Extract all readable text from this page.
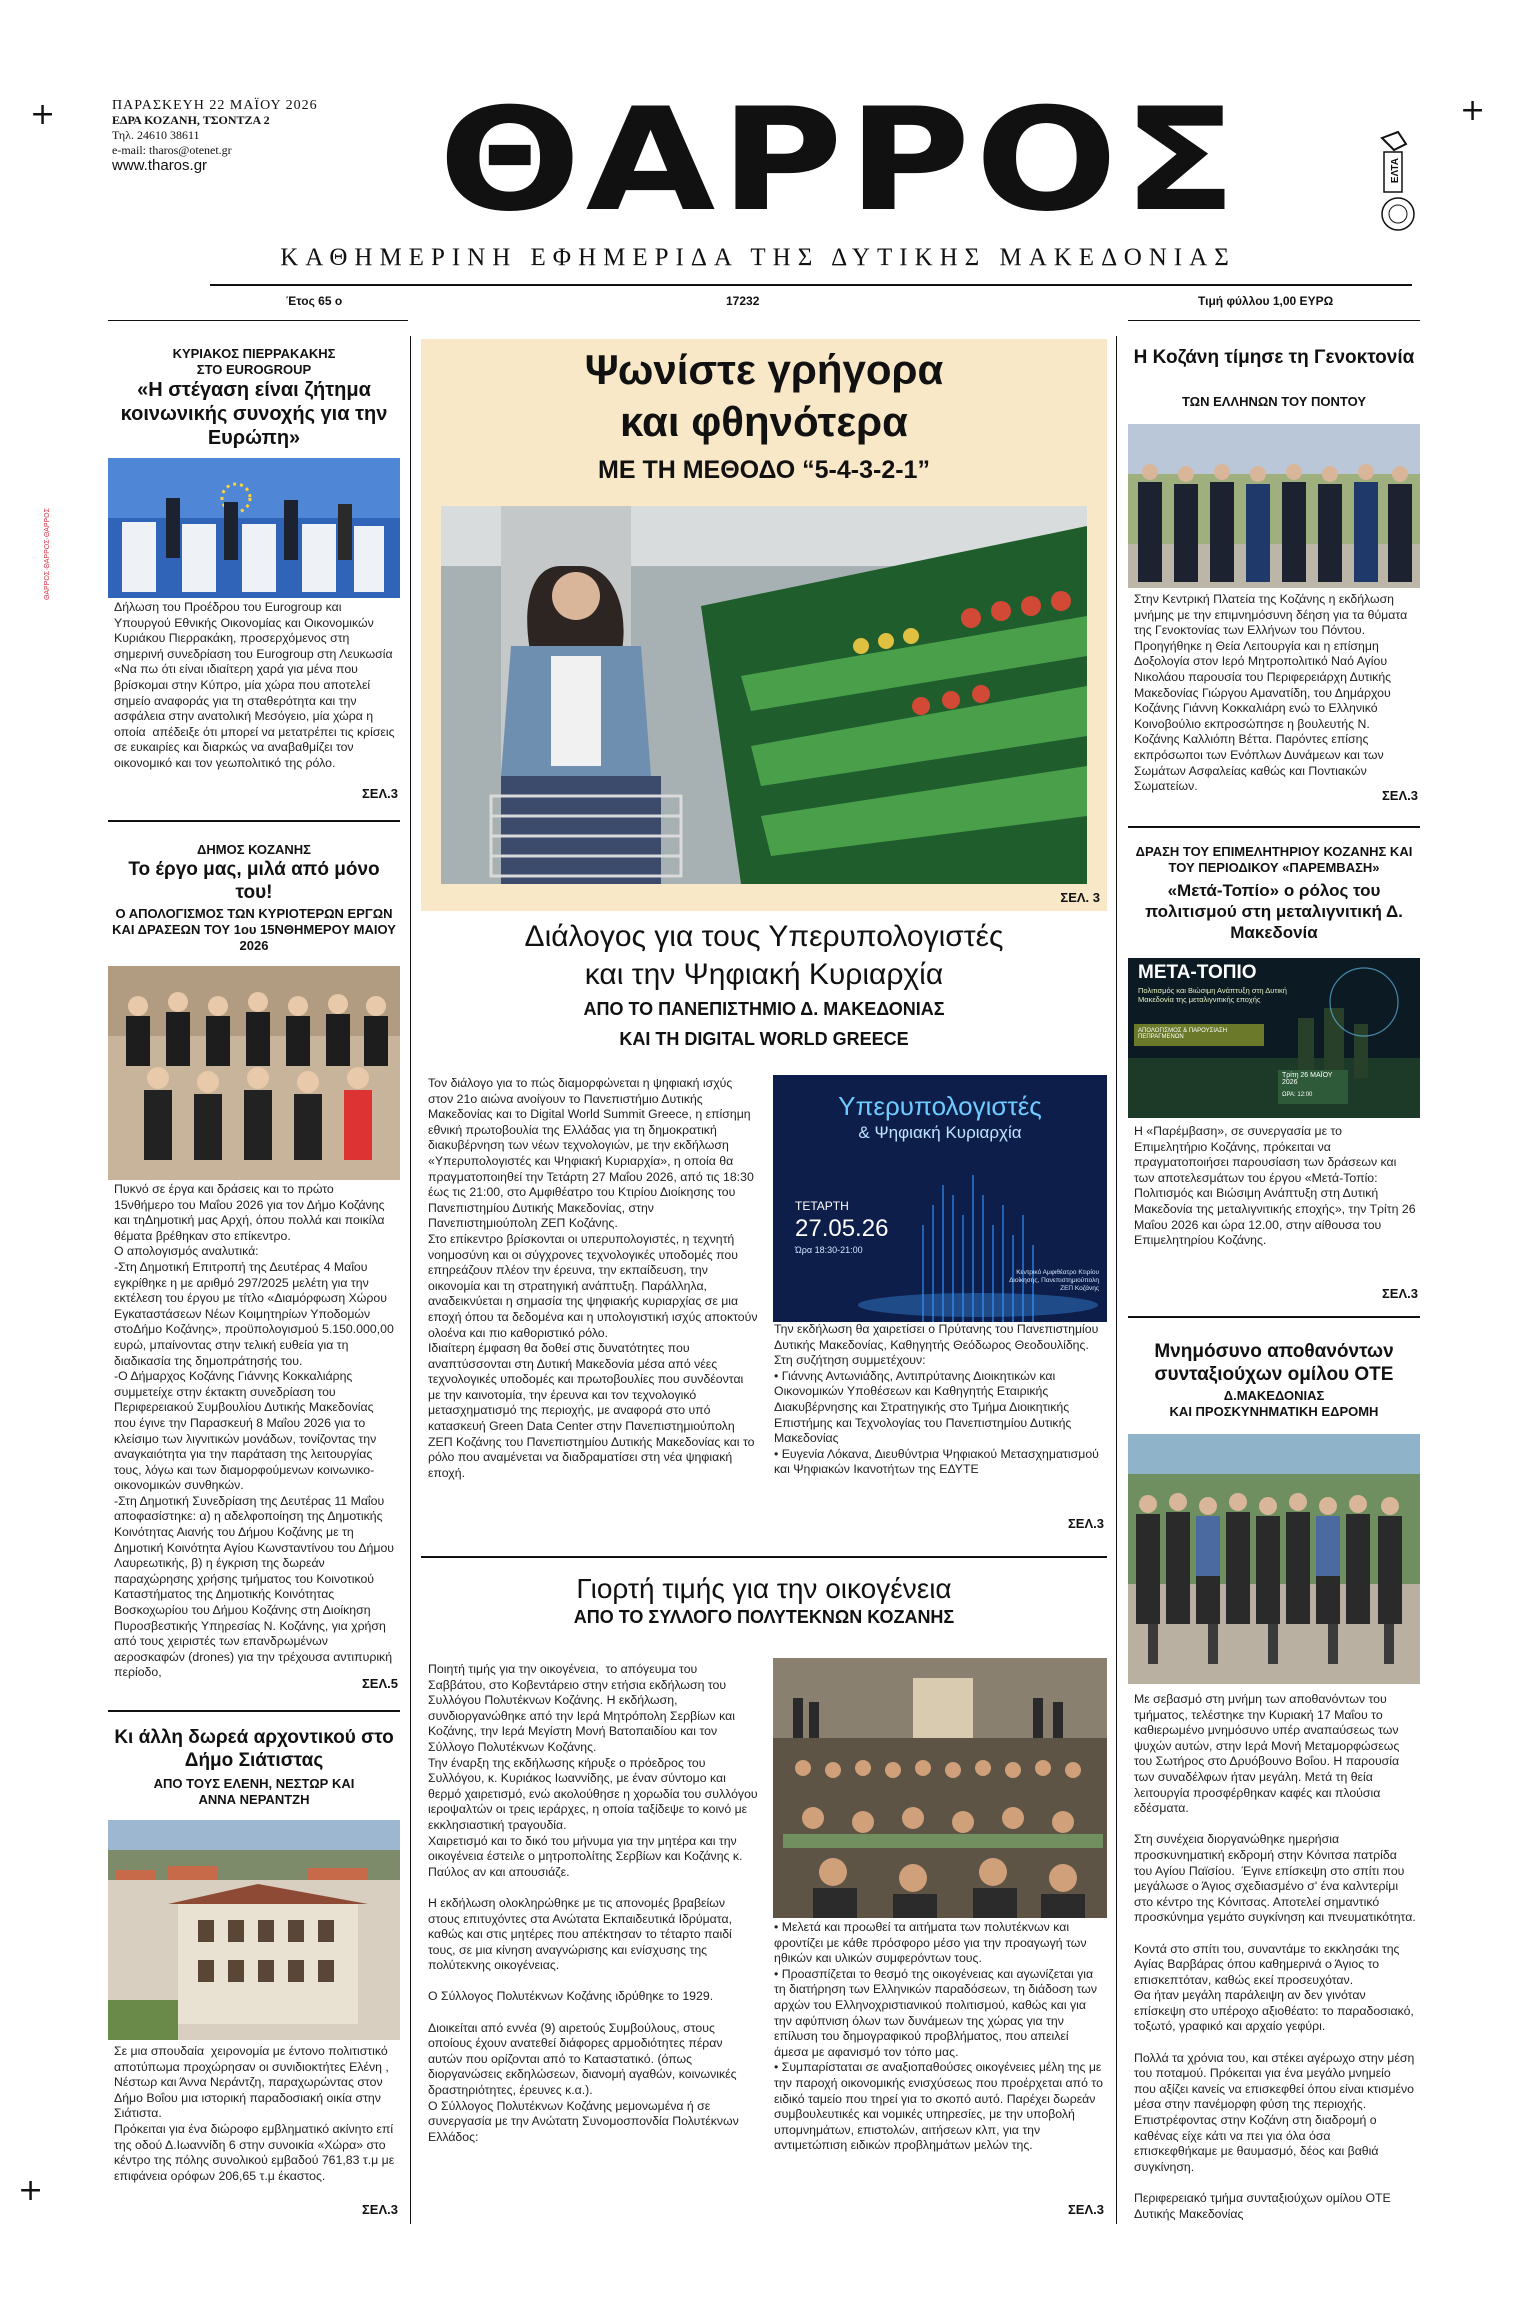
+	+
+
ΘΑΡΡΟΣ·ΘΑΡΡΟΣ·ΘΑΡΡΟΣ
ΠΑΡΑΣΚΕΥΗ 22 ΜΑΪΟΥ 2026
ΕΔΡΑ ΚΟΖΑΝΗ, ΤΣΟΝΤΖΑ 2
Τηλ. 24610 38611
e-mail: tharos@otenet.gr
www.tharos.gr	ΘΑΡΡΟΣ
ΚΑΘΗΜΕΡΙΝΗ ΕΦΗΜΕΡΙΔΑ ΤΗΣ ΔΥΤΙΚΗΣ ΜΑΚΕΔΟΝΙΑΣ
ΕΛΤΑ
Έτος 65 ο	17232	Τιμή φύλλου 1,00 ΕΥΡΩ
ΚΥΡΙΑΚΟΣ ΠΙΕΡΡΑΚΑΚΗΣ
ΣΤΟ EUROGROUP
«Η στέγαση είναι ζήτημα κοινωνικής συνοχής για την Ευρώπη»
Δήλωση του Προέδρου του Eurogroup και Υπουργού Εθνικής Οικονομίας και Οικονομικών Κυριάκου Πιερρακάκη, προσερχόμενος στη σημερινή συνεδρίαση του Eurogroup στη Λευκωσία
«Να πω ότι είναι ιδιαίτερη χαρά για μένα που βρίσκομαι στην Κύπρο, μία χώρα που αποτελεί σημείο αναφοράς για τη σταθερότητα και την ασφάλεια στην ανατολική Μεσόγειο, μία χώρα η οποία  απέδειξε ότι μπορεί να μετατρέπει τις κρίσεις  σε ευκαιρίες και διαρκώς να αναβαθμίζει τον οικονομικό και τον γεωπολιτικό της ρόλο.
ΣΕΛ.3
ΔΗΜΟΣ ΚΟΖΑΝΗΣ
Το έργο μας, μιλά από μόνο του!
Ο ΑΠΟΛΟΓΙΣΜΟΣ ΤΩΝ ΚΥΡΙΟΤΕΡΩΝ ΕΡΓΩΝ ΚΑΙ ΔΡΑΣΕΩΝ ΤΟΥ 1ου 15ΝΘΗΜΕΡΟΥ ΜΑΙΟΥ 2026
Πυκνό σε έργα και δράσεις και το πρώτο 15νθήμερο του Μαΐου 2026 για τον Δήμο Κοζάνης και τηΔημοτική μας Αρχή, όπου πολλά και ποικίλα θέματα βρέθηκαν στο επίκεντρο.
Ο απολογισμός αναλυτικά:
-Στη Δημοτική Επιτροπή της Δευτέρας 4 Μαΐου εγκρίθηκε η με αριθμό 297/2025 μελέτη για την εκτέλεση του έργου με τίτλο «Διαμόρφωση Χώρου Εγκαταστάσεων Νέων Κοιμητηρίων Υποδομών στοΔήμο Κοζάνης», προϋπολογισμού 5.150.000,00 ευρώ, μπαίνοντας στην τελική ευθεία για τη διαδικασία της δημοπράτησής του.
-Ο Δήμαρχος Κοζάνης Γιάννης Κοκκαλιάρης συμμετείχε στην έκτακτη συνεδρίαση του Περιφερειακού Συμβουλίου Δυτικής Μακεδονίας που έγινε την Παρασκευή 8 Μαΐου 2026 για το κλείσιμο των λιγνιτικών μονάδων, τονίζοντας την αναγκαιότητα για την παράταση της λειτουργίας τους, λόγω και των διαμορφούμενων κοινωνικο-οικονομικών συνθηκών.
-Στη Δημοτική Συνεδρίαση της Δευτέρας 11 Μαΐου αποφασίστηκε: α) η αδελφοποίηση της Δημοτικής Κοινότητας Αιανής του Δήμου Κοζάνης με τη Δημοτική Κοινότητα Αγίου Κωνσταντίνου του Δήμου Λαυρεωτικής, β) η έγκριση της δωρεάν παραχώρησης χρήσης τμήματος του Κοινοτικού Καταστήματος της Δημοτικής Κοινότητας Βοσκοχωρίου του Δήμου Κοζάνης στη Διοίκηση Πυροσβεστικής Υπηρεσίας Ν. Κοζάνης, για χρήση από τους χειριστές των επανδρωμένων αεροσκαφών (drones) για την τρέχουσα αντιπυρική περίοδο,
ΣΕΛ.5
Κι άλλη δωρεά αρχοντικού στο Δήμο Σιάτιστας
ΑΠΟ ΤΟΥΣ ΕΛΕΝΗ, ΝΕΣΤΩΡ ΚΑΙ ΑΝΝΑ ΝΕΡΑΝΤΖΗ
Σε μια σπουδαία  χειρονομία με έντονο πολιτιστικό αποτύπωμα προχώρησαν οι συνιδιοκτήτες Ελένη , Νέστωρ και Άννα Νεράντζη, παραχωρώντας στον Δήμο Βοΐου μια ιστορική παραδοσιακή οικία στην Σιάτιστα.
Πρόκειται για ένα διώροφο εμβληματικό ακίνητο επί της οδού Δ.Ιωαννίδη 6 στην συνοικία «Χώρα» στο κέντρο της πόλης συνολικού εμβαδού 761,83 τ.μ με επιφάνεια ορόφων 206,65 τ.μ έκαστος.
ΣΕΛ.3
Ψωνίστε γρήγορα
και φθηνότερα
ΜΕ ΤΗ ΜΕΘΟΔΟ “5-4-3-2-1”
ΣΕΛ. 3
Διάλογος για τους Υπερυπολογιστές
και την Ψηφιακή Κυριαρχία
ΑΠΟ ΤΟ ΠΑΝΕΠΙΣΤΗΜΙΟ Δ. ΜΑΚΕΔΟΝΙΑΣ
ΚΑΙ ΤΗ DIGITAL WORLD GREECE
Τον διάλογο για το πώς διαμορφώνεται η ψηφιακή ισχύς στον 21ο αιώνα ανοίγουν το Πανεπιστήμιο Δυτικής Μακεδονίας και το Digital World Summit Greece, η επίσημη εθνική πρωτοβουλία της Ελλάδας για τη δημοκρατική διακυβέρνηση των νέων τεχνολογιών, με την εκδήλωση «Υπερυπολογιστές και Ψηφιακή Κυριαρχία», η οποία θα πραγματοποιηθεί την Τετάρτη 27 Μαΐου 2026, από τις 18:30 έως τις 21:00, στο Αμφιθέατρο του Κτιρίου Διοίκησης του Πανεπιστημίου Δυτικής Μακεδονίας, στην Πανεπιστημιούπολη ΖΕΠ Κοζάνης.
Στο επίκεντρο βρίσκονται οι υπερυπολογιστές, η τεχνητή νοημοσύνη και οι σύγχρονες τεχνολογικές υποδομές που επηρεάζουν πλέον την έρευνα, την εκπαίδευση, την οικονομία και τη στρατηγική ανάπτυξη. Παράλληλα, αναδεικνύεται η σημασία της ψηφιακής κυριαρχίας σε μια εποχή όπου τα δεδομένα και η υπολογιστική ισχύς αποκτούν ολοένα και πιο καθοριστικό ρόλο.
Ιδιαίτερη έμφαση θα δοθεί στις δυνατότητες που αναπτύσσονται στη Δυτική Μακεδονία μέσα από νέες τεχνολογικές υποδομές και πρωτοβουλίες που συνδέονται με την καινοτομία, την έρευνα και τον τεχνολογικό μετασχηματισμό της περιοχής, με αναφορά στο υπό κατασκευή Green Data Center στην Πανεπιστημιούπολη ΖΕΠ Κοζάνης του Πανεπιστημίου Δυτικής Μακεδονίας και το ρόλο που αναμένεται να διαδραματίσει στη νέα ψηφιακή εποχή.
Υπερυπολογιστές
& Ψηφιακή Κυριαρχία
ΤΕΤΑΡΤΗ
27.05.26
Ώρα 18:30-21:00
Κεντρικό Αμφιθέατρο Κτιρίου Διοίκησης, Πανεπιστημιούπολη ΖΕΠ Κοζάνης
Την εκδήλωση θα χαιρετίσει ο Πρύτανης του Πανεπιστημίου Δυτικής Μακεδονίας, Καθηγητής Θεόδωρος Θεοδουλίδης.
Στη συζήτηση συμμετέχουν:
• Γιάννης Αντωνιάδης, Αντιπρύτανης Διοικητικών και Οικονομικών Υποθέσεων και Καθηγητής Εταιρικής Διακυβέρνησης και Στρατηγικής στο Τμήμα Διοικητικής Επιστήμης και Τεχνολογίας του Πανεπιστημίου Δυτικής Μακεδονίας
• Ευγενία Λόκανα, Διευθύντρια Ψηφιακού Μετασχηματισμού και Ψηφιακών Ικανοτήτων της ΕΔΥΤΕ
ΣΕΛ.3
Γιορτή τιμής για την οικογένεια
ΑΠΟ ΤΟ ΣΥΛΛΟΓΟ ΠΟΛΥΤΕΚΝΩΝ ΚΟΖΑΝΗΣ
Ποιητή τιμής για την οικογένεια,  το απόγευμα του Σαββάτου, στο Κοβεντάρειο στην ετήσια εκδήλωση του Συλλόγου Πολυτέκνων Κοζάνης. Η εκδήλωση, συνδιοργανώθηκε από την Ιερά Μητρόπολη Σερβίων και Κοζάνης, την Ιερά Μεγίστη Μονή Βατοπαιδίου και τον Σύλλογο Πολυτέκνων Κοζάνης.
Την έναρξη της εκδήλωσης κήρυξε ο πρόεδρος του Συλλόγου, κ. Κυριάκος Ιωαννίδης, με έναν σύντομο και θερμό χαιρετισμό, ενώ ακολούθησε η χορωδία του συλλόγου ιεροψαλτών οι τρεις ιεράρχες, η οποία ταξίδεψε το κοινό με εκκλησιαστική τραγουδία.
Χαιρετισμό και το δικό του μήνυμα για την μητέρα και την οικογένεια έστειλε ο μητροπολίτης Σερβίων και Κοζάνης κ. Παύλος αν και απουσιάζε.

Η εκδήλωση ολοκληρώθηκε με τις απονομές βραβείων στους επιτυχόντες στα Ανώτατα Εκπαιδευτικά Ιδρύματα, καθώς και στις μητέρες που απέκτησαν το τέταρτο παιδί τους, σε μια κίνηση αναγνώρισης και ενίσχυσης της πολύτεκνης οικογένειας.

Ο Σύλλογος Πολυτέκνων Κοζάνης ιδρύθηκε το 1929.

Διοικείται από εννέα (9) αιρετούς Συμβούλους, στους οποίους έχουν ανατεθεί διάφορες αρμοδιότητες πέραν αυτών που ορίζονται από το Καταστατικό. (όπως διοργανώσεις εκδηλώσεων, διανομή αγαθών, κοινωνικές δραστηριότητες, έρευνες κ.α.).
Ο Σύλλογος Πολυτέκνων Κοζάνης μεμονωμένα ή σε συνεργασία με την Ανώτατη Συνομοσπονδία Πολυτέκνων Ελλάδος:
• Μελετά και προωθεί τα αιτήματα των πολυτέκνων και φροντίζει με κάθε πρόσφορο μέσο για την προαγωγή των ηθικών και υλικών συμφερόντων τους.
• Προασπίζεται το θεσμό της οικογένειας και αγωνίζεται για τη διατήρηση των Ελληνικών παραδόσεων, τη διάδοση των αρχών του Ελληνοχριστιανικού πολιτισμού, καθώς και για την αφύπνιση όλων των δυνάμεων της χώρας για την επίλυση του δημογραφικού προβλήματος, που απειλεί άμεσα με αφανισμό τον τόπο μας.
• Συμπαρίσταται σε αναξιοπαθούσες οικογένειες μέλη της με την παροχή οικονομικής ενισχύσεως που προέρχεται από το ειδικό ταμείο που τηρεί για το σκοπό αυτό. Παρέχει δωρεάν συμβουλευτικές και νομικές υπηρεσίες, με την υποβολή υπομνημάτων, επιστολών, αιτήσεων κλπ, για την αντιμετώπιση ειδικών προβλημάτων μελών της.
ΣΕΛ.3
Η Κοζάνη τίμησε τη Γενοκτονία
ΤΩΝ ΕΛΛΗΝΩΝ ΤΟΥ ΠΟΝΤΟΥ
Στην Κεντρική Πλατεία της Κοζάνης η εκδήλωση μνήμης με την επιμνημόσυνη δέηση για τα θύματα της Γενοκτονίας των Ελλήνων του Πόντου.
Προηγήθηκε η Θεία Λειτουργία και η επίσημη Δοξολογία στον Ιερό Μητροπολιτικό Ναό Αγίου Νικολάου παρουσία του Περιφερειάρχη Δυτικής Μακεδονίας Γιώργου Αμανατίδη, του Δημάρχου Κοζάνης Γιάννη Κοκκαλιάρη ενώ το Ελληνικό Κοινοβούλιο εκπροσώπησε η βουλευτής Ν. Κοζάνης Καλλιόπη Βέττα. Παρόντες επίσης εκπρόσωποι των Ενόπλων Δυνάμεων και των Σωμάτων Ασφαλείας καθώς και Ποντιακών Σωματείων.
ΣΕΛ.3
ΔΡΑΣΗ ΤΟΥ ΕΠΙΜΕΛΗΤΗΡΙΟΥ ΚΟΖΑΝΗΣ ΚΑΙ ΤΟΥ ΠΕΡΙΟΔΙΚΟΥ «ΠΑΡΕΜΒΑΣΗ»
«Μετά-Τοπίο» ο ρόλος του πολιτισμού στη μεταλιγνιτική Δ. Μακεδονία
ΜΕΤΑ-ΤΟΠΙΟ
Πολιτισμός και Βιώσιμη Ανάπτυξη στη Δυτική Μακεδονία της μεταλιγνιτικής εποχής
ΑΠΟΛΟΓΙΣΜΟΣ & ΠΑΡΟΥΣΙΑΣΗ ΠΕΠΡΑΓΜΕΝΩΝ
Τρίτη 26 ΜΑΪΟΥ 2026
ΩΡΑ: 12:00
Η «Παρέμβαση», σε συνεργασία με το Επιμελητήριο Κοζάνης, πρόκειται να πραγματοποιήσει παρουσίαση των δράσεων και των αποτελεσμάτων του έργου «Μετά-Τοπίο: Πολιτισμός και Βιώσιμη Ανάπτυξη στη Δυτική Μακεδονία της μεταλιγνιτικής εποχής», την Τρίτη 26 Μαΐου 2026 και ώρα 12.00, στην αίθουσα του Επιμελητηρίου Κοζάνης.
ΣΕΛ.3
Μνημόσυνο αποθανόντων συνταξιούχων ομίλου ΟΤΕ
Δ.ΜΑΚΕΔΟΝΙΑΣ
ΚΑΙ ΠΡΟΣΚΥΝΗΜΑΤΙΚΗ ΕΔΡΟΜΗ
Με σεβασμό στη μνήμη των αποθανόντων του τμήματος, τελέστηκε την Κυριακή 17 Μαΐου το καθιερωμένο μνημόσυνο υπέρ αναπαύσεως των ψυχών αυτών, στην Ιερά Μονή Μεταμορφώσεως του Σωτήρος στο Δρυόβουνο Βοΐου. Η παρουσία των συναδέλφων ήταν μεγάλη. Μετά τη θεία λειτουργία προσφέρθηκαν καφές και πλούσια εδέσματα.

Στη συνέχεια διοργανώθηκε ημερήσια προσκυνηματική εκδρομή στην Κόνιτσα πατρίδα του Αγίου Παϊσίου.  Έγινε επίσκεψη στο σπίτι που μεγάλωσε ο Άγιος σχεδιασμένο σ' ένα καλντερίμι στο κέντρο της Κόνιτσας. Αποτελεί σημαντικό προσκύνημα γεμάτο συγκίνηση και πνευματικότητα.

Κοντά στο σπίτι του, συναντάμε το εκκλησάκι της Αγίας Βαρβάρας όπου καθημερινά ο Άγιος το επισκεπτόταν, καθώς εκεί προσευχόταν.
Θα ήταν μεγάλη παράλειψη αν δεν γινόταν επίσκεψη στο υπέροχο αξιοθέατο: το παραδοσιακό, τοξωτό, γραφικό και αρχαίο γεφύρι.

Πολλά τα χρόνια του, και στέκει αγέρωχο στην μέση του ποταμού. Πρόκειται για ένα μεγάλο μνημείο που αξίζει κανείς να επισκεφθεί όπου είναι κτισμένο μέσα στην πανέμορφη φύση της περιοχής. Επιστρέφοντας στην Κοζάνη στη διαδρομή ο καθένας είχε κάτι να πει για όλα όσα επισκεφθήκαμε με θαυμασμό, δέος και βαθιά συγκίνηση.

Περιφερειακό τμήμα συνταξιούχων ομίλου ΟΤΕ Δυτικής Μακεδονίας
